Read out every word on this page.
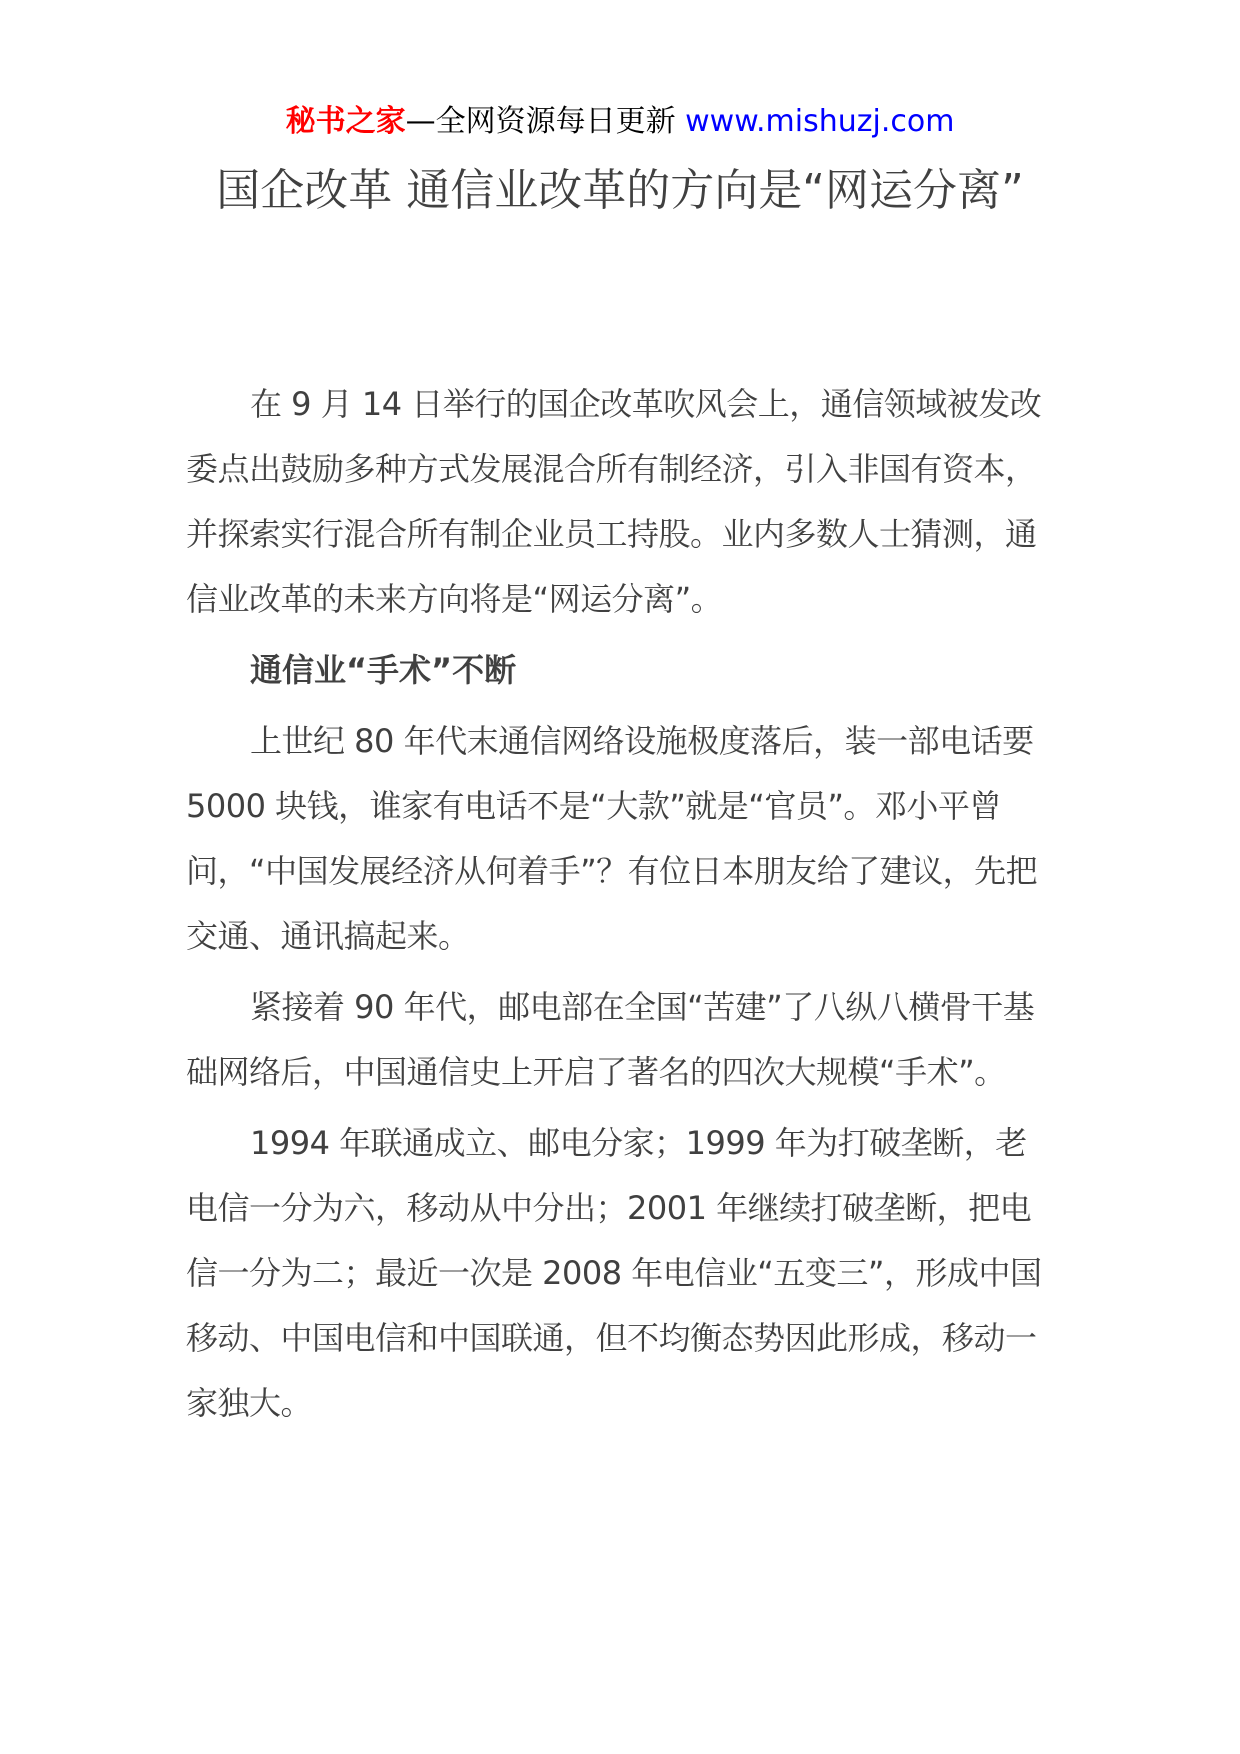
秘书之家—全网资源每日更新 www.mishuzj.com
国企改革 通信业改革的方向是“网运分离”

在 9 月 14 日举行的国企改革吹风会上，通信领域被发改委点出鼓励多种方式发展混合所有制经济，引入非国有资本，并探索实行混合所有制企业员工持股。业内多数人士猜测，通信业改革的未来方向将是“网运分离”。

通信业“手术”不断

上世纪 80 年代末通信网络设施极度落后，装一部电话要 5000 块钱，谁家有电话不是“大款”就是“官员”。邓小平曾问，“中国发展经济从何着手”？有位日本朋友给了建议，先把交通、通讯搞起来。

紧接着 90 年代，邮电部在全国“苦建”了八纵八横骨干基础网络后，中国通信史上开启了著名的四次大规模“手术”。

1994 年联通成立、邮电分家；1999 年为打破垄断，老电信一分为六，移动从中分出；2001 年继续打破垄断，把电信一分为二；最近一次是 2008 年电信业“五变三”，形成中国移动、中国电信和中国联通，但不均衡态势因此形成，移动一家独大。
